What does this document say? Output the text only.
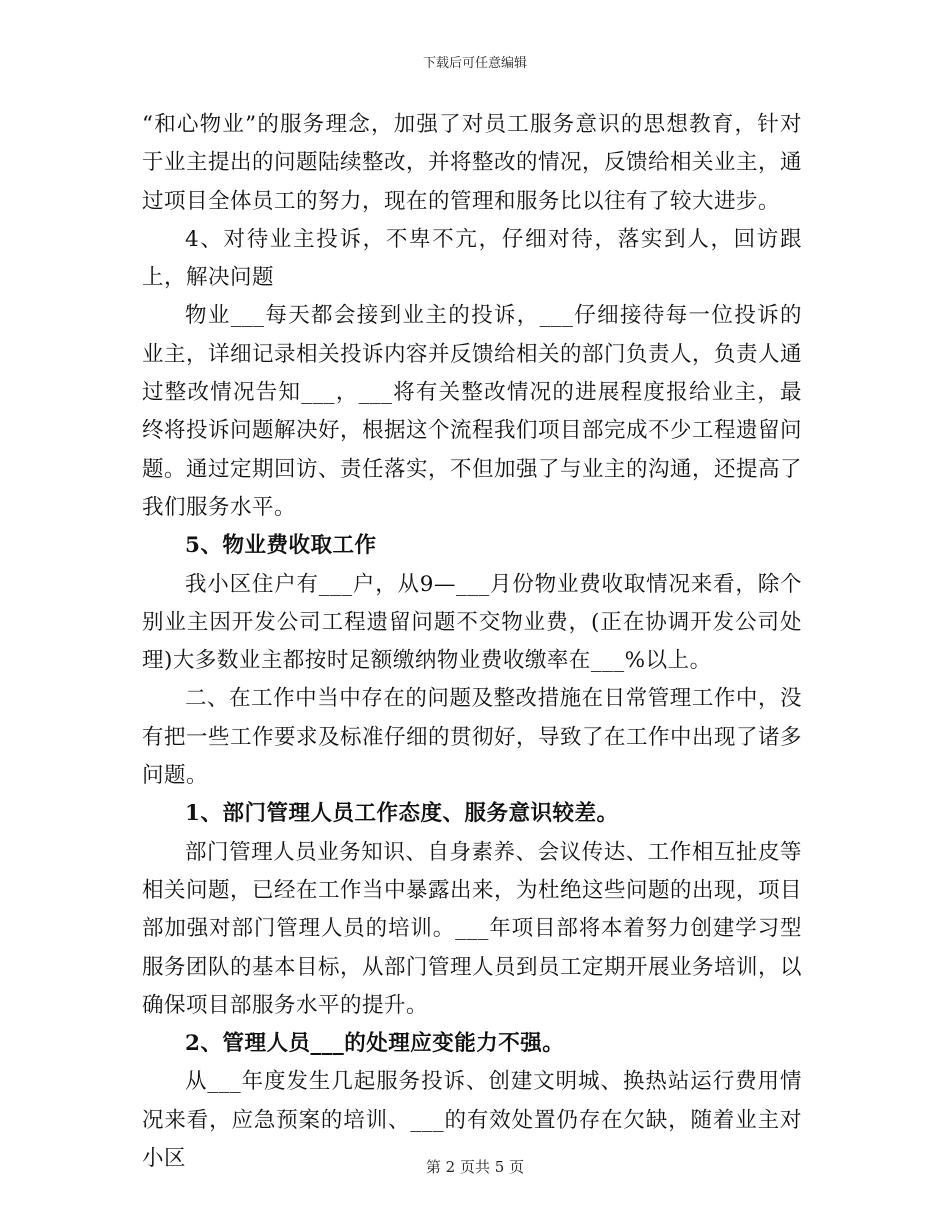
下载后可任意编辑

“和心物业”的服务理念，加强了对员工服务意识的思想教育，针对于业主提出的问题陆续整改，并将整改的情况，反馈给相关业主，通过项目全体员工的努力，现在的管理和服务比以往有了较大进步。

4、对待业主投诉，不卑不亢，仔细对待，落实到人，回访跟上，解决问题

物业___每天都会接到业主的投诉，___仔细接待每一位投诉的业主，详细记录相关投诉内容并反馈给相关的部门负责人，负责人通过整改情况告知___，___将有关整改情况的进展程度报给业主，最终将投诉问题解决好，根据这个流程我们项目部完成不少工程遗留问题。通过定期回访、责任落实，不但加强了与业主的沟通，还提高了我们服务水平。

5、物业费收取工作

我小区住户有___户，从9—___月份物业费收取情况来看，除个别业主因开发公司工程遗留问题不交物业费，(正在协调开发公司处理)大多数业主都按时足额缴纳物业费收缴率在___%以上。

二、在工作中当中存在的问题及整改措施在日常管理工作中，没有把一些工作要求及标准仔细的贯彻好，导致了在工作中出现了诸多问题。

1、部门管理人员工作态度、服务意识较差。

部门管理人员业务知识、自身素养、会议传达、工作相互扯皮等相关问题，已经在工作当中暴露出来，为杜绝这些问题的出现，项目部加强对部门管理人员的培训。___年项目部将本着努力创建学习型服务团队的基本目标，从部门管理人员到员工定期开展业务培训，以确保项目部服务水平的提升。

2、管理人员___的处理应变能力不强。

从___年度发生几起服务投诉、创建文明城、换热站运行费用情况来看，应急预案的培训、___的有效处置仍存在欠缺，随着业主对小区	第 2 页共 5 页
